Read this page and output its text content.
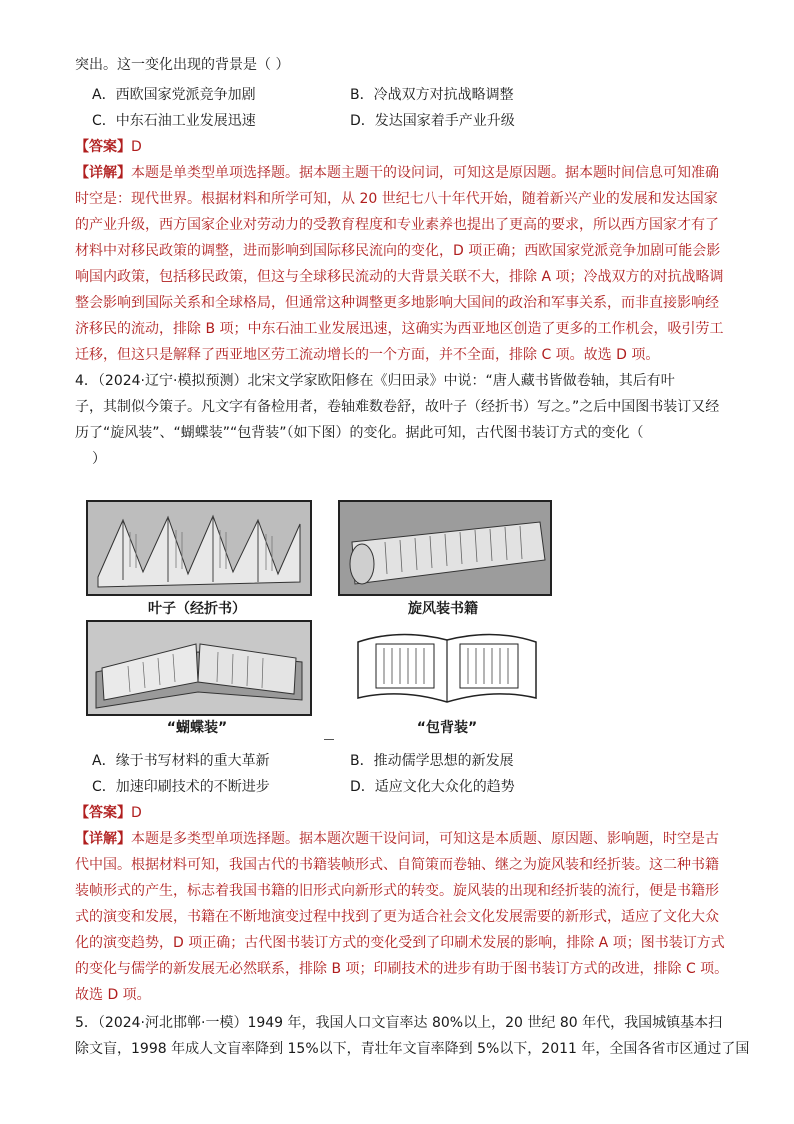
突出。这一变化出现的背景是（ ）
A．西欧国家党派竞争加剧	B．冷战双方对抗战略调整
C．中东石油工业发展迅速	D．发达国家着手产业升级
【答案】D
【详解】本题是单类型单项选择题。据本题主题干的设问词，可知这是原因题。据本题时间信息可知准确
时空是：现代世界。根据材料和所学可知，从 20 世纪七八十年代开始，随着新兴产业的发展和发达国家
的产业升级，西方国家企业对劳动力的受教育程度和专业素养也提出了更高的要求，所以西方国家才有了
材料中对移民政策的调整，进而影响到国际移民流向的变化，D 项正确；西欧国家党派竞争加剧可能会影
响国内政策，包括移民政策，但这与全球移民流动的大背景关联不大，排除 A 项；冷战双方的对抗战略调
整会影响到国际关系和全球格局，但通常这种调整更多地影响大国间的政治和军事关系，而非直接影响经
济移民的流动，排除 B 项；中东石油工业发展迅速，这确实为西亚地区创造了更多的工作机会，吸引劳工
迁移，但这只是解释了西亚地区劳工流动增长的一个方面，并不全面，排除 C 项。故选 D 项。
4．（2024·辽宁·模拟预测）北宋文学家欧阳修在《归田录》中说：“唐人藏书皆做卷轴，其后有叶
子，其制似今策子。凡文字有备检用者，卷轴难数卷舒，故叶子（经折书）写之。”之后中国图书装订又经
历了“旋风装”、“蝴蝶装”“包背装”（如下图）的变化。据此可知，古代图书装订方式的变化（
）
叶子（经折书）	旋风装书籍
“蝴蝶装”	“包背装”
A．缘于书写材料的重大革新	B．推动儒学思想的新发展
C．加速印刷技术的不断进步	D．适应文化大众化的趋势
【答案】D
【详解】本题是多类型单项选择题。据本题次题干设问词，可知这是本质题、原因题、影响题，时空是古
代中国。根据材料可知，我国古代的书籍装帧形式、自简策而卷轴、继之为旋风装和经折装。这二种书籍
装帧形式的产生，标志着我国书籍的旧形式向新形式的转变。旋风装的出现和经折装的流行，便是书籍形
式的演变和发展，书籍在不断地演变过程中找到了更为适合社会文化发展需要的新形式，适应了文化大众
化的演变趋势，D 项正确；古代图书装订方式的变化受到了印刷术发展的影响，排除 A 项；图书装订方式
的变化与儒学的新发展无必然联系，排除 B 项；印刷技术的进步有助于图书装订方式的改进，排除 C 项。
故选 D 项。
5．（2024·河北邯郸·一模）1949 年，我国人口文盲率达 80%以上，20 世纪 80 年代，我国城镇基本扫
除文盲，1998 年成人文盲率降到 15%以下，青壮年文盲率降到 5%以下，2011 年，全国各省市区通过了国
